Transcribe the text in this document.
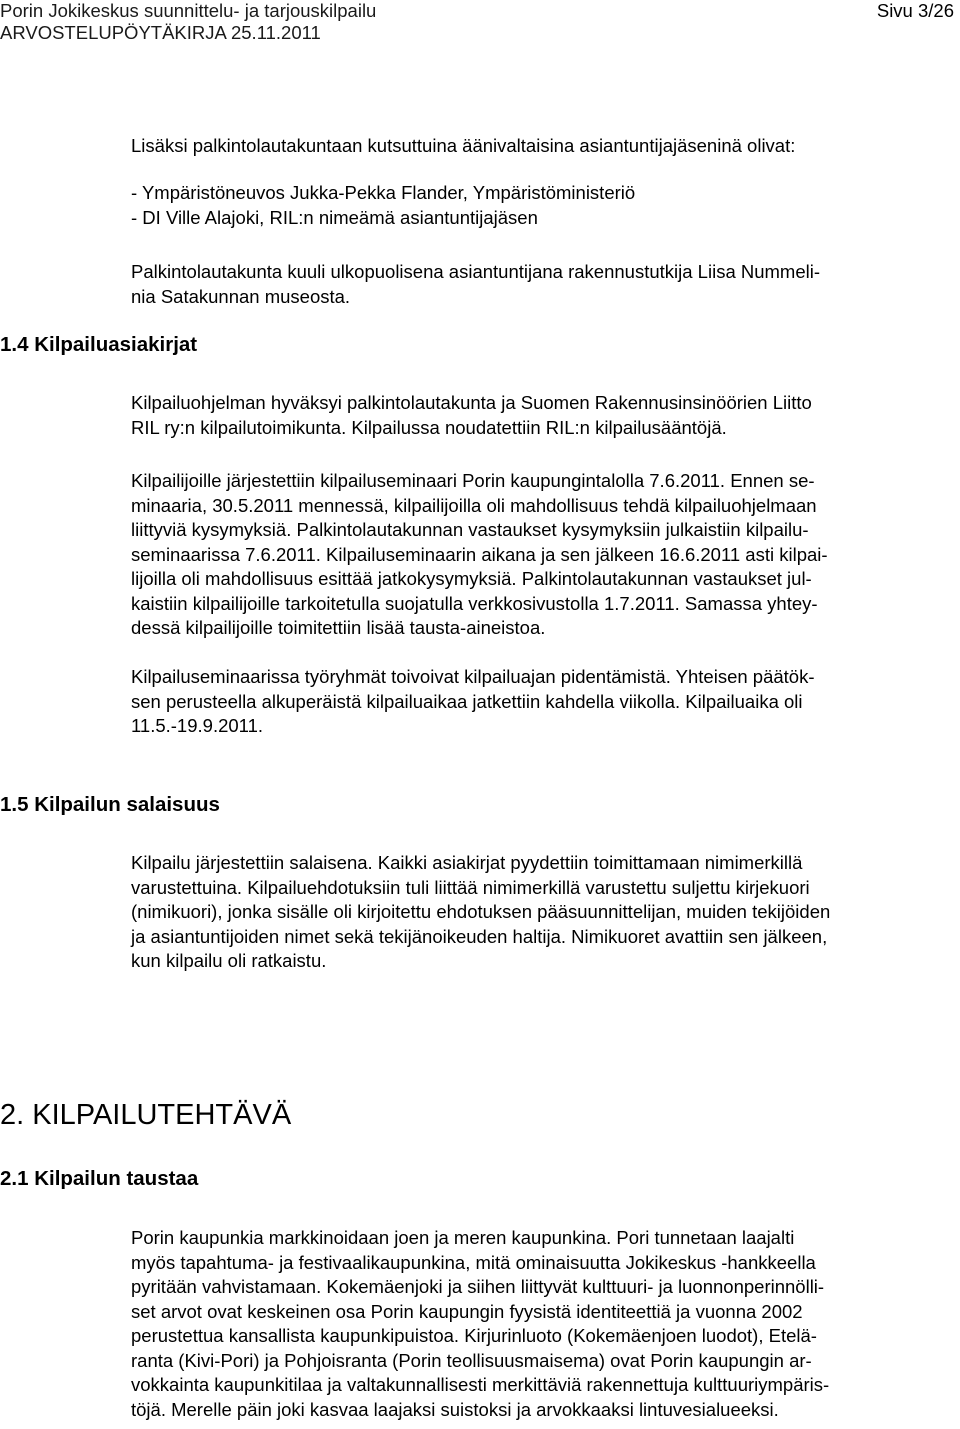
Porin Jokikeskus suunnittelu- ja tarjouskilpailu
ARVOSTELUPÖYTÄKIRJA 25.11.2011
Sivu 3/26
Lisäksi palkintolautakuntaan kutsuttuina äänivaltaisina asiantuntijajäseninä olivat:
- Ympäristöneuvos Jukka-Pekka Flander, Ympäristöministeriö
- DI Ville Alajoki, RIL:n nimeämä asiantuntijajäsen
Palkintolautakunta kuuli ulkopuolisena asiantuntijana rakennustutkija Liisa Nummeli-
nia Satakunnan museosta.
1.4 Kilpailuasiakirjat
Kilpailuohjelman hyväksyi palkintolautakunta ja Suomen Rakennusinsinöörien Liitto
RIL ry:n kilpailutoimikunta. Kilpailussa noudatettiin RIL:n kilpailusääntöjä.
Kilpailijoille järjestettiin kilpailuseminaari Porin kaupungintalolla 7.6.2011. Ennen se-
minaaria, 30.5.2011 mennessä, kilpailijoilla oli mahdollisuus tehdä kilpailuohjelmaan
liittyviä kysymyksiä. Palkintolautakunnan vastaukset kysymyksiin julkaistiin kilpailu-
seminaarissa 7.6.2011. Kilpailuseminaarin aikana ja sen jälkeen 16.6.2011 asti kilpai-
lijoilla oli mahdollisuus esittää jatkokysymyksiä. Palkintolautakunnan vastaukset jul-
kaistiin kilpailijoille tarkoitetulla suojatulla verkkosivustolla 1.7.2011. Samassa yhtey-
dessä kilpailijoille toimitettiin lisää tausta-aineistoa.
Kilpailuseminaarissa työryhmät toivoivat kilpailuajan pidentämistä. Yhteisen päätök-
sen perusteella alkuperäistä kilpailuaikaa jatkettiin kahdella viikolla. Kilpailuaika oli
11.5.-19.9.2011.
1.5 Kilpailun salaisuus
Kilpailu järjestettiin salaisena. Kaikki asiakirjat pyydettiin toimittamaan nimimerkillä
varustettuina. Kilpailuehdotuksiin tuli liittää nimimerkillä varustettu suljettu kirjekuori
(nimikuori), jonka sisälle oli kirjoitettu ehdotuksen pääsuunnittelijan, muiden tekijöiden
ja asiantuntijoiden nimet sekä tekijänoikeuden haltija. Nimikuoret avattiin sen jälkeen,
kun kilpailu oli ratkaistu.
2. KILPAILUTEHTÄVÄ
2.1 Kilpailun taustaa
Porin kaupunkia markkinoidaan joen ja meren kaupunkina. Pori tunnetaan laajalti
myös tapahtuma- ja festivaalikaupunkina, mitä ominaisuutta Jokikeskus -hankkeella
pyritään vahvistamaan. Kokemäenjoki ja siihen liittyvät kulttuuri- ja luonnonperinnölli-
set arvot ovat keskeinen osa Porin kaupungin fyysistä identiteettiä ja vuonna 2002
perustettua kansallista kaupunkipuistoa. Kirjurinluoto (Kokemäenjoen luodot), Etelä-
ranta (Kivi-Pori) ja Pohjoisranta (Porin teollisuusmaisema) ovat Porin kaupungin ar-
vokkainta kaupunkitilaa ja valtakunnallisesti merkittäviä rakennettuja kulttuuriympäris-
töjä. Merelle päin joki kasvaa laajaksi suistoksi ja arvokkaaksi lintuvesialueeksi.
